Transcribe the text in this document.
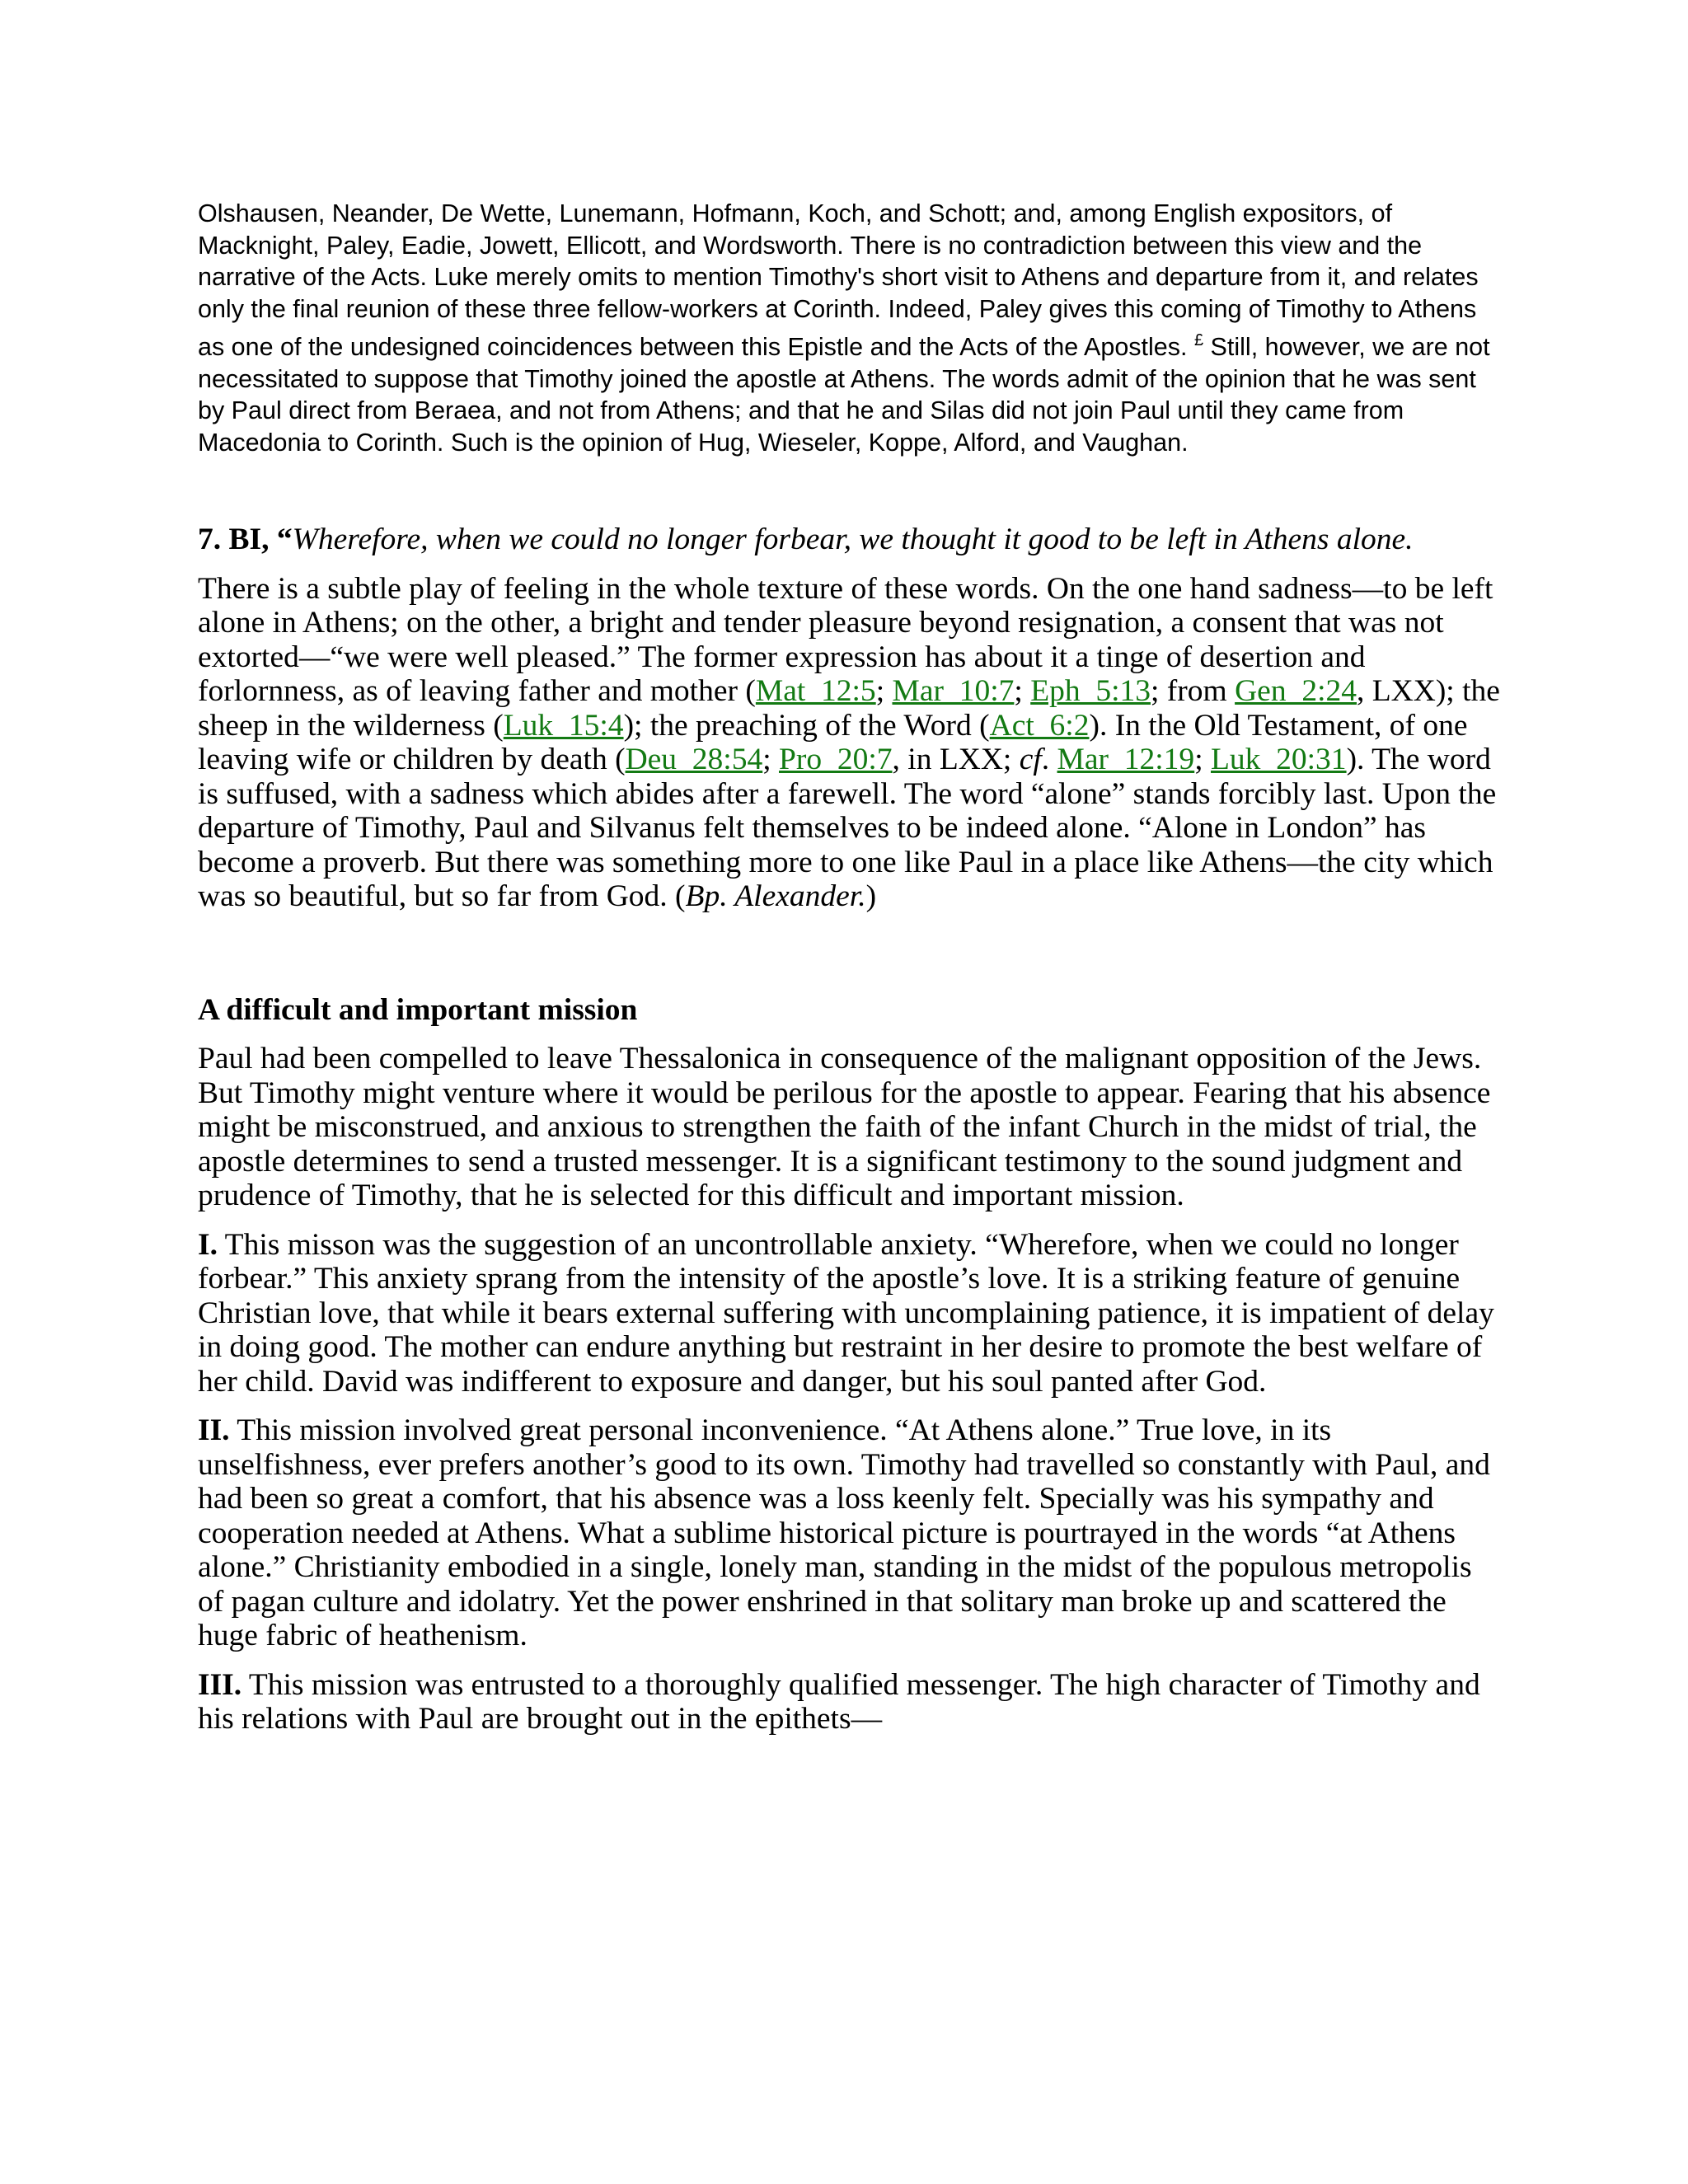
Olshausen, Neander, De Wette, Lunemann, Hofmann, Koch, and Schott; and, among English expositors, of Macknight, Paley, Eadie, Jowett, Ellicott, and Wordsworth. There is no contradiction between this view and the narrative of the Acts. Luke merely omits to mention Timothy's short visit to Athens and departure from it, and relates only the final reunion of these three fellow-workers at Corinth. Indeed, Paley gives this coming of Timothy to Athens as one of the undesigned coincidences between this Epistle and the Acts of the Apostles. £ Still, however, we are not necessitated to suppose that Timothy joined the apostle at Athens. The words admit of the opinion that he was sent by Paul direct from Beraea, and not from Athens; and that he and Silas did not join Paul until they came from Macedonia to Corinth. Such is the opinion of Hug, Wieseler, Koppe, Alford, and Vaughan.

7. BI, “Wherefore, when we could no longer forbear, we thought it good to be left in Athens alone.

There is a subtle play of feeling in the whole texture of these words. On the one hand sadness—to be left alone in Athens; on the other, a bright and tender pleasure beyond resignation, a consent that was not extorted—“we were well pleased.” The former expression has about it a tinge of desertion and forlornness, as of leaving father and mother (Mat_12:5; Mar_10:7; Eph_5:13; from Gen_2:24, LXX); the sheep in the wilderness (Luk_15:4); the preaching of the Word (Act_6:2). In the Old Testament, of one leaving wife or children by death (Deu_28:54; Pro_20:7, in LXX; cf. Mar_12:19; Luk_20:31). The word is suffused, with a sadness which abides after a farewell. The word “alone” stands forcibly last. Upon the departure of Timothy, Paul and Silvanus felt themselves to be indeed alone. “Alone in London” has become a proverb. But there was something more to one like Paul in a place like Athens—the city which was so beautiful, but so far from God. (Bp. Alexander.)

A difficult and important mission

Paul had been compelled to leave Thessalonica in consequence of the malignant opposition of the Jews. But Timothy might venture where it would be perilous for the apostle to appear. Fearing that his absence might be misconstrued, and anxious to strengthen the faith of the infant Church in the midst of trial, the apostle determines to send a trusted messenger. It is a significant testimony to the sound judgment and prudence of Timothy, that he is selected for this difficult and important mission.

I. This misson was the suggestion of an uncontrollable anxiety. “Wherefore, when we could no longer forbear.” This anxiety sprang from the intensity of the apostle’s love. It is a striking feature of genuine Christian love, that while it bears external suffering with uncomplaining patience, it is impatient of delay in doing good. The mother can endure anything but restraint in her desire to promote the best welfare of her child. David was indifferent to exposure and danger, but his soul panted after God.

II. This mission involved great personal inconvenience. “At Athens alone.” True love, in its unselfishness, ever prefers another’s good to its own. Timothy had travelled so constantly with Paul, and had been so great a comfort, that his absence was a loss keenly felt. Specially was his sympathy and cooperation needed at Athens. What a sublime historical picture is pourtrayed in the words “at Athens alone.” Christianity embodied in a single, lonely man, standing in the midst of the populous metropolis of pagan culture and idolatry. Yet the power enshrined in that solitary man broke up and scattered the huge fabric of heathenism.

III. This mission was entrusted to a thoroughly qualified messenger. The high character of Timothy and his relations with Paul are brought out in the epithets—
